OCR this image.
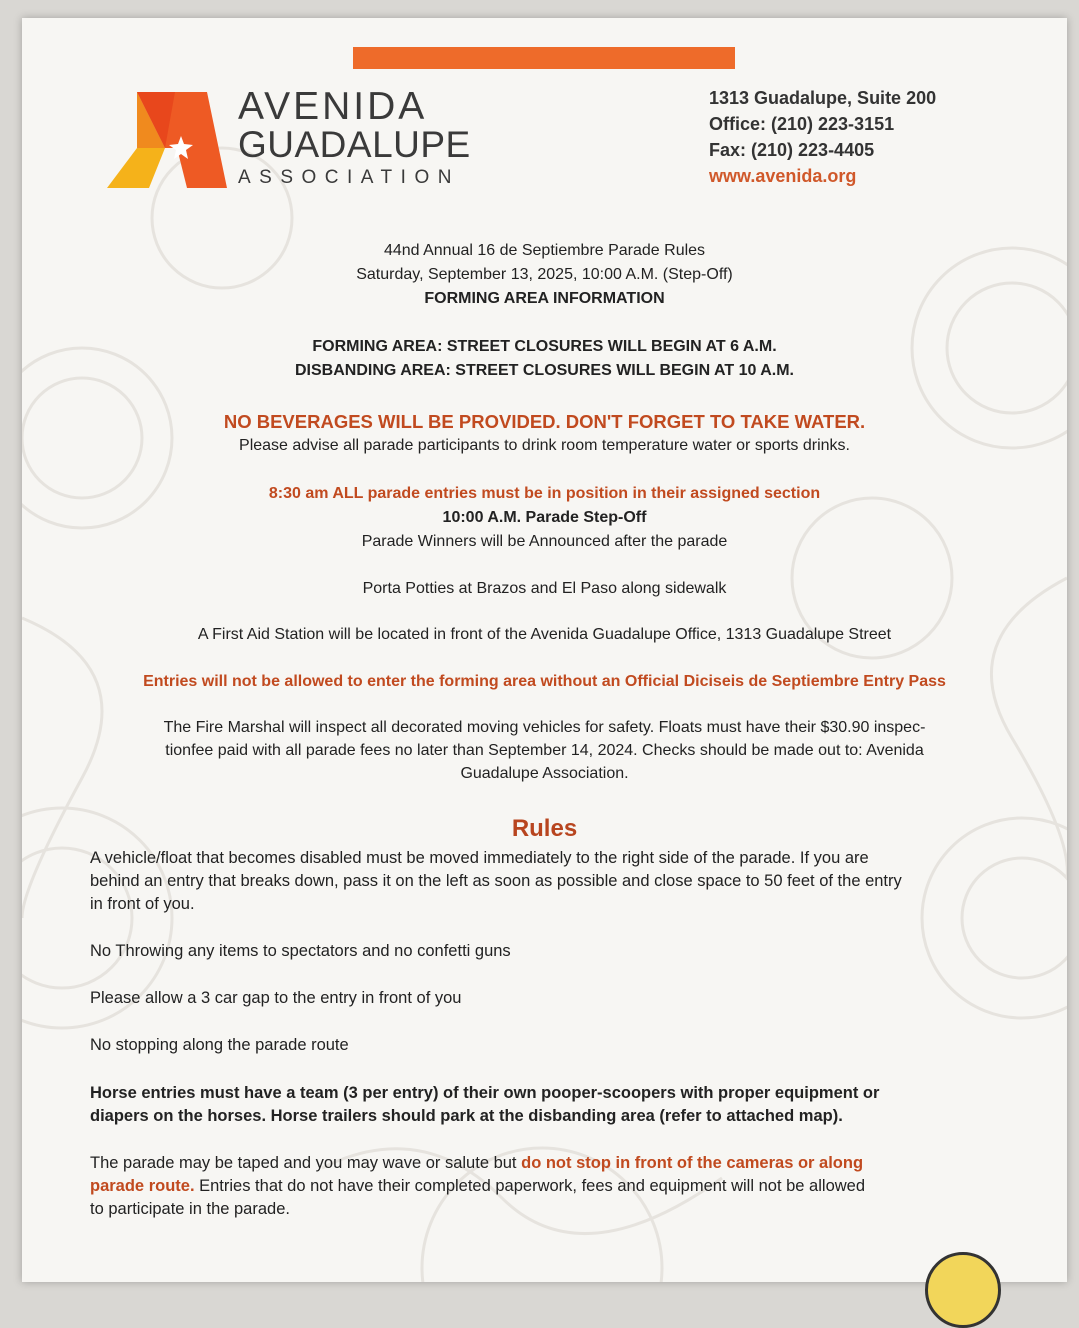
AVENIDA
GUADALUPE
ASSOCIATION
1313 Guadalupe, Suite 200
Office: (210) 223-3151
Fax: (210) 223-4405
www.avenida.org
44nd Annual 16 de Septiembre Parade Rules
Saturday, September 13, 2025, 10:00 A.M. (Step-Off)
FORMING AREA INFORMATION
FORMING AREA: STREET CLOSURES WILL BEGIN AT 6 A.M.
DISBANDING AREA: STREET CLOSURES WILL BEGIN AT 10 A.M.
NO BEVERAGES WILL BE PROVIDED. DON'T FORGET TO TAKE WATER.
Please advise all parade participants to drink room temperature water or sports drinks.
8:30 am ALL parade entries must be in position in their assigned section
10:00 A.M. Parade Step-Off
Parade Winners will be Announced after the parade
Porta Potties at Brazos and El Paso along sidewalk
A First Aid Station will be located in front of the Avenida Guadalupe Office, 1313 Guadalupe Street
Entries will not be allowed to enter the forming area without an Official Diciseis de Septiembre Entry Pass
The Fire Marshal will inspect all decorated moving vehicles for safety. Floats must have their $30.90 inspec-
tionfee paid with all parade fees no later than September 14, 2024. Checks should be made out to: Avenida
Guadalupe Association.
Rules
A vehicle/float that becomes disabled must be moved immediately to the right side of the parade. If you are
behind an entry that breaks down, pass it on the left as soon as possible and close space to 50 feet of the entry
in front of you.
No Throwing any items to spectators and no confetti guns
Please allow a 3 car gap to the entry in front of you
No stopping along the parade route
Horse entries must have a team (3 per entry) of their own pooper-scoopers with proper equipment or
diapers on the horses. Horse trailers should park at the disbanding area (refer to attached map).
The parade may be taped and you may wave or salute but do not stop in front of the cameras or along
parade route. Entries that do not have their completed paperwork, fees and equipment will not be allowed
to participate in the parade.
